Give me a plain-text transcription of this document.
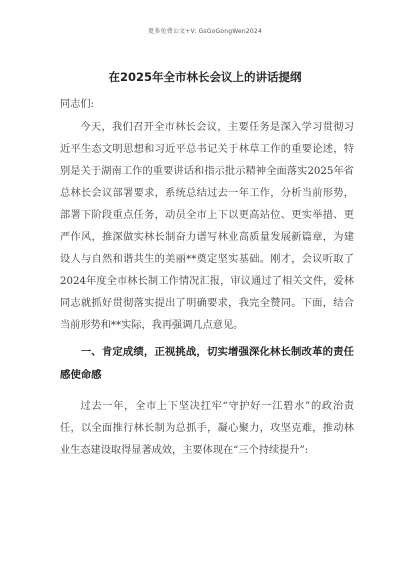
更多免费公文+V: GsGoGongWen2024
在2025年全市林长会议上的讲话提纲
同志们:
今天，我们召开全市林长会议，主要任务是深入学习贯彻习近平生态文明思想和习近平总书记关于林草工作的重要论述，特别是关于湖南工作的重要讲话和指示批示精神全面落实2025年省总林长会议部署要求，系统总结过去一年工作，分析当前形势，部署下阶段重点任务，动员全市上下以更高站位、更实举措、更严作风，推深做实林长制奋力谱写林业高质量发展新篇章，为建设人与自然和谐共生的美丽**奠定坚实基础。刚才，会议听取了2024年度全市林长制工作情况汇报，审议通过了相关文件，爱林同志就抓好贯彻落实提出了明确要求，我完全赞同。下面，结合当前形势和**实际，我再强调几点意见。
一、肯定成绩，正视挑战，切实增强深化林长制改革的责任感使命感
过去一年，全市上下坚决扛牢“守护好一江碧水”的政治责任，以全面推行林长制为总抓手，凝心聚力，攻坚克难，推动林业生态建设取得显著成效，主要体现在“三个持续提升”:
